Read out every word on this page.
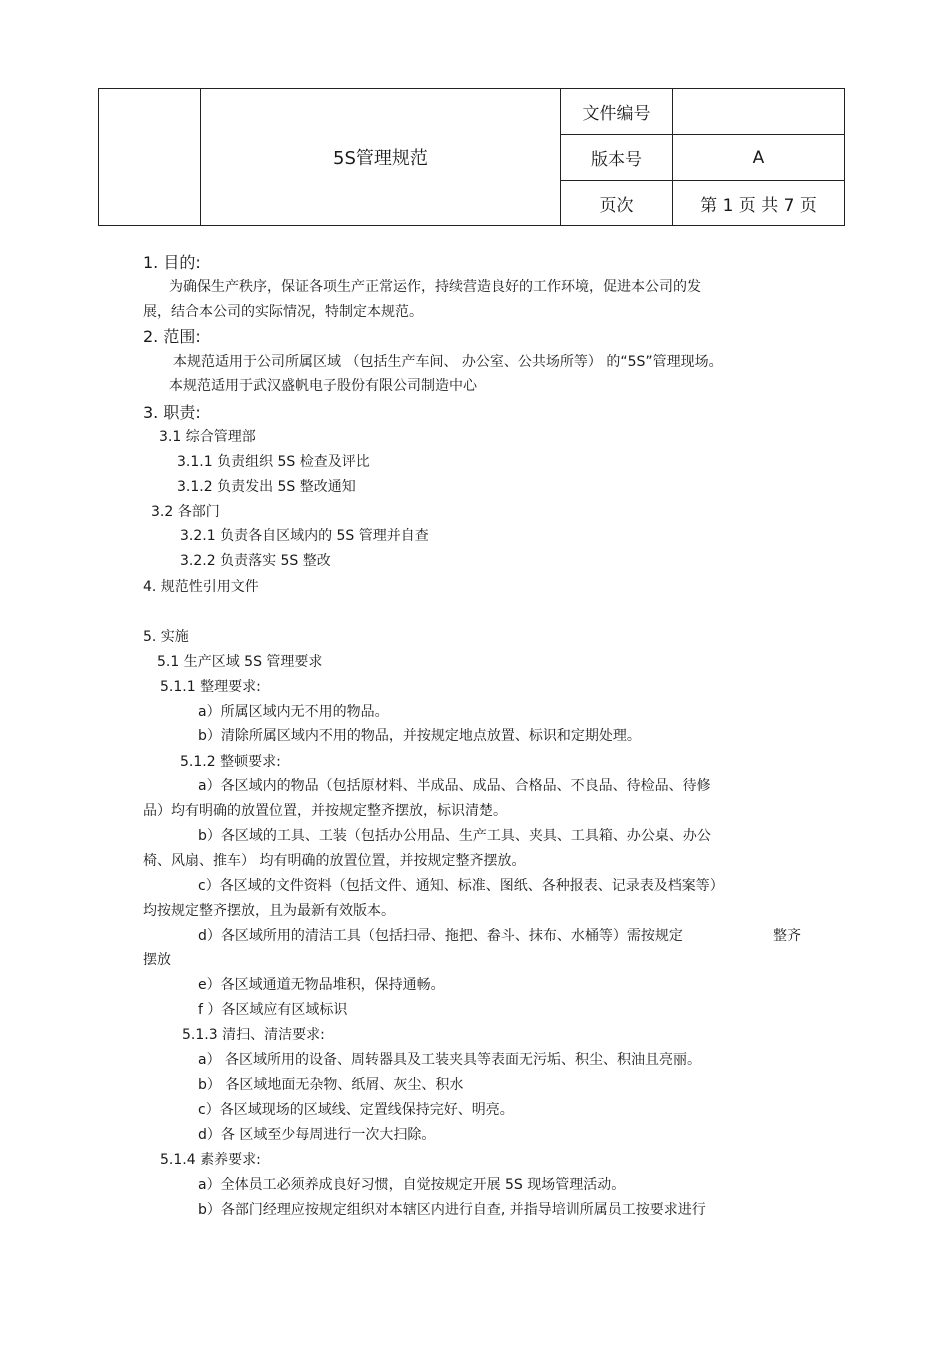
	5S管理规范	文件编号	
		版本号	A
		页次	第 1 页 共 7 页
1. 目的:
为确保生产秩序，保证各项生产正常运作，持续营造良好的工作环境，促进本公司的发
展，结合本公司的实际情况，特制定本规范。
2. 范围:
本规范适用于公司所属区域 （包括生产车间、 办公室、公共场所等） 的“5S”管理现场。
本规范适用于武汉盛帆电子股份有限公司制造中心
3. 职责:
3.1 综合管理部
3.1.1 负责组织 5S 检查及评比
3.1.2 负责发出 5S 整改通知
3.2 各部门
3.2.1 负责各自区域内的 5S 管理并自查
3.2.2 负责落实 5S 整改
4. 规范性引用文件
5. 实施
5.1 生产区域 5S 管理要求
5.1.1 整理要求:
a）所属区域内无不用的物品。
b）清除所属区域内不用的物品，并按规定地点放置、标识和定期处理。
5.1.2 整顿要求:
a）各区域内的物品（包括原材料、半成品、成品、合格品、不良品、待检品、待修
品）均有明确的放置位置，并按规定整齐摆放，标识清楚。
b）各区域的工具、工装（包括办公用品、生产工具、夹具、工具箱、办公桌、办公
椅、风扇、推车） 均有明确的放置位置，并按规定整齐摆放。
c）各区域的文件资料（包括文件、通知、标准、图纸、各种报表、记录表及档案等）
均按规定整齐摆放，且为最新有效版本。
d）各区域所用的清洁工具（包括扫帚、拖把、畚斗、抹布、水桶等）需按规定	整齐
摆放
e）各区域通道无物品堆积，保持通畅。
f ）各区域应有区域标识
5.1.3 清扫、清洁要求:
a） 各区域所用的设备、周转器具及工装夹具等表面无污垢、积尘、积油且亮丽。
b） 各区域地面无杂物、纸屑、灰尘、积水
c）各区域现场的区域线、定置线保持完好、明亮。
d）各 区域至少每周进行一次大扫除。
5.1.4 素养要求:
a）全体员工必须养成良好习惯，自觉按规定开展 5S 现场管理活动。
b）各部门经理应按规定组织对本辖区内进行自查, 并指导培训所属员工按要求进行
